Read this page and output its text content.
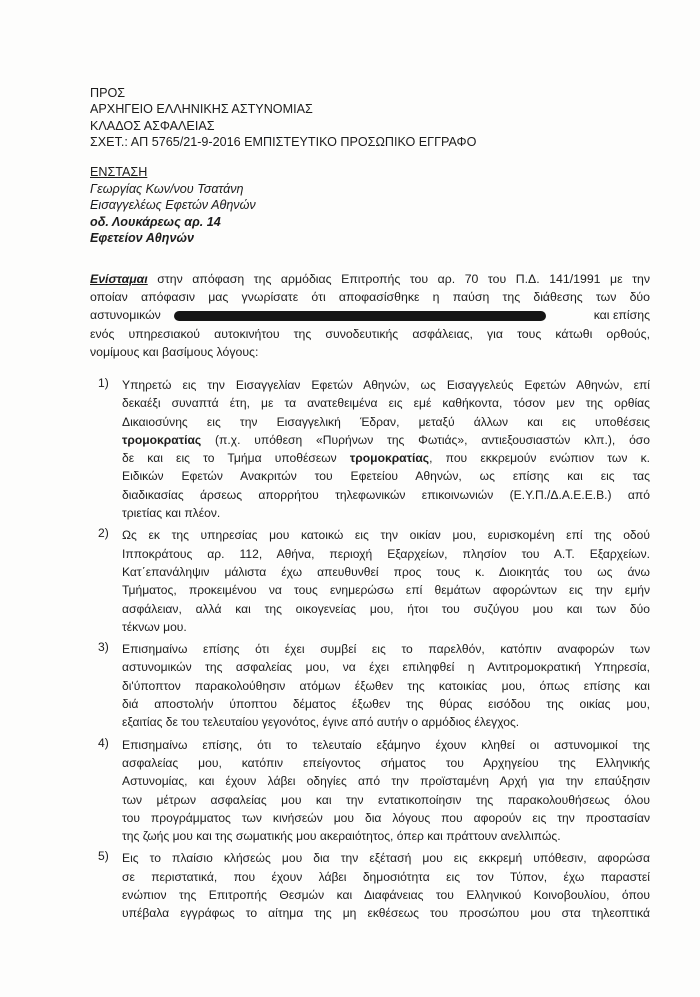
ΠΡΟΣ
ΑΡΧΗΓΕΙΟ ΕΛΛΗΝΙΚΗΣ ΑΣΤΥΝΟΜΙΑΣ
ΚΛΑΔΟΣ ΑΣΦΑΛΕΙΑΣ
ΣΧΕΤ.: ΑΠ 5765/21-9-2016 ΕΜΠΙΣΤΕΥΤΙΚΟ ΠΡΟΣΩΠΙΚΟ ΕΓΓΡΑΦΟ
ΕΝΣΤΑΣΗ
Γεωργίας Κων/νου Τσατάνη
Εισαγγελέως Εφετών Αθηνών
οδ. Λουκάρεως αρ. 14
Εφετείον Αθηνών
Ενίσταμαι στην απόφαση της αρμόδιας Επιτροπής του αρ. 70 του Π.Δ. 141/1991 με την
οποίαν απόφασιν μας γνωρίσατε ότι αποφασίσθηκε η παύση της διάθεσης των δύο
αστυνομικών	και επίσης
ενός υπηρεσιακού αυτοκινήτου της συνοδευτικής ασφάλειας, για τους κάτωθι ορθούς,
νομίμους και βασίμους λόγους:
1) Υπηρετώ εις την Εισαγγελίαν Εφετών Αθηνών, ως Εισαγγελεύς Εφετών Αθηνών, επί
δεκαέξι συναπτά έτη, με τα ανατεθειμένα εις εμέ καθήκοντα, τόσον μεν της ορθίας
Δικαιοσύνης εις την Εισαγγελική Έδραν, μεταξύ άλλων και εις υποθέσεις
τρομοκρατίας (π.χ. υπόθεση «Πυρήνων της Φωτιάς», αντιεξουσιαστών κλπ.), όσο
δε και εις το Τμήμα υποθέσεων τρομοκρατίας, που εκκρεμούν ενώπιον των κ.
Ειδικών Εφετών Ανακριτών του Εφετείου Αθηνών, ως επίσης και εις τας
διαδικασίας άρσεως απορρήτου τηλεφωνικών επικοινωνιών (Ε.Υ.Π./Δ.Α.Ε.Ε.Β.) από
τριετίας και πλέον.
2) Ως εκ της υπηρεσίας μου κατοικώ εις την οικίαν μου, ευρισκομένη επί της οδού
Ιπποκράτους αρ. 112, Αθήνα, περιοχή Εξαρχείων, πλησίον του Α.Τ. Εξαρχείων.
Κατ΄επανάληψιν μάλιστα έχω απευθυνθεί προς τους κ. Διοικητάς του ως άνω
Τμήματος, προκειμένου να τους ενημερώσω επί θεμάτων αφορώντων εις την εμήν
ασφάλειαν, αλλά και της οικογενείας μου, ήτοι του συζύγου μου και των δύο
τέκνων μου.
3) Επισημαίνω επίσης ότι έχει συμβεί εις το παρελθόν, κατόπιν αναφορών των
αστυνομικών της ασφαλείας μου, να έχει επιληφθεί η Αντιτρομοκρατική Υπηρεσία,
δι'ύποπτον παρακολούθησιν ατόμων έξωθεν της κατοικίας μου, όπως επίσης και
διά αποστολήν ύποπτου δέματος έξωθεν της θύρας εισόδου της οικίας μου,
εξαιτίας δε του τελευταίου γεγονότος, έγινε από αυτήν ο αρμόδιος έλεγχος.
4) Επισημαίνω επίσης, ότι το τελευταίο εξάμηνο έχουν κληθεί οι αστυνομικοί της
ασφαλείας μου, κατόπιν επείγοντος σήματος του Αρχηγείου της Ελληνικής
Αστυνομίας, και έχουν λάβει οδηγίες από την προϊσταμένη Αρχή για την επαύξησιν
των μέτρων ασφαλείας μου και την εντατικοποίησιν της παρακολουθήσεως όλου
του προγράμματος των κινήσεών μου δια λόγους που αφορούν εις την προστασίαν
της ζωής μου και της σωματικής μου ακεραιότητος, όπερ και πράττουν ανελλιπώς.
5) Εις το πλαίσιο κλήσεώς μου δια την εξέτασή μου εις εκκρεμή υπόθεσιν, αφορώσα
σε περιστατικά, που έχουν λάβει δημοσιότητα εις τον Τύπον, έχω παραστεί
ενώπιον της Επιτροπής Θεσμών και Διαφάνειας του Ελληνικού Κοινοβουλίου, όπου
υπέβαλα εγγράφως το αίτημα της μη εκθέσεως του προσώπου μου στα τηλεοπτικά
